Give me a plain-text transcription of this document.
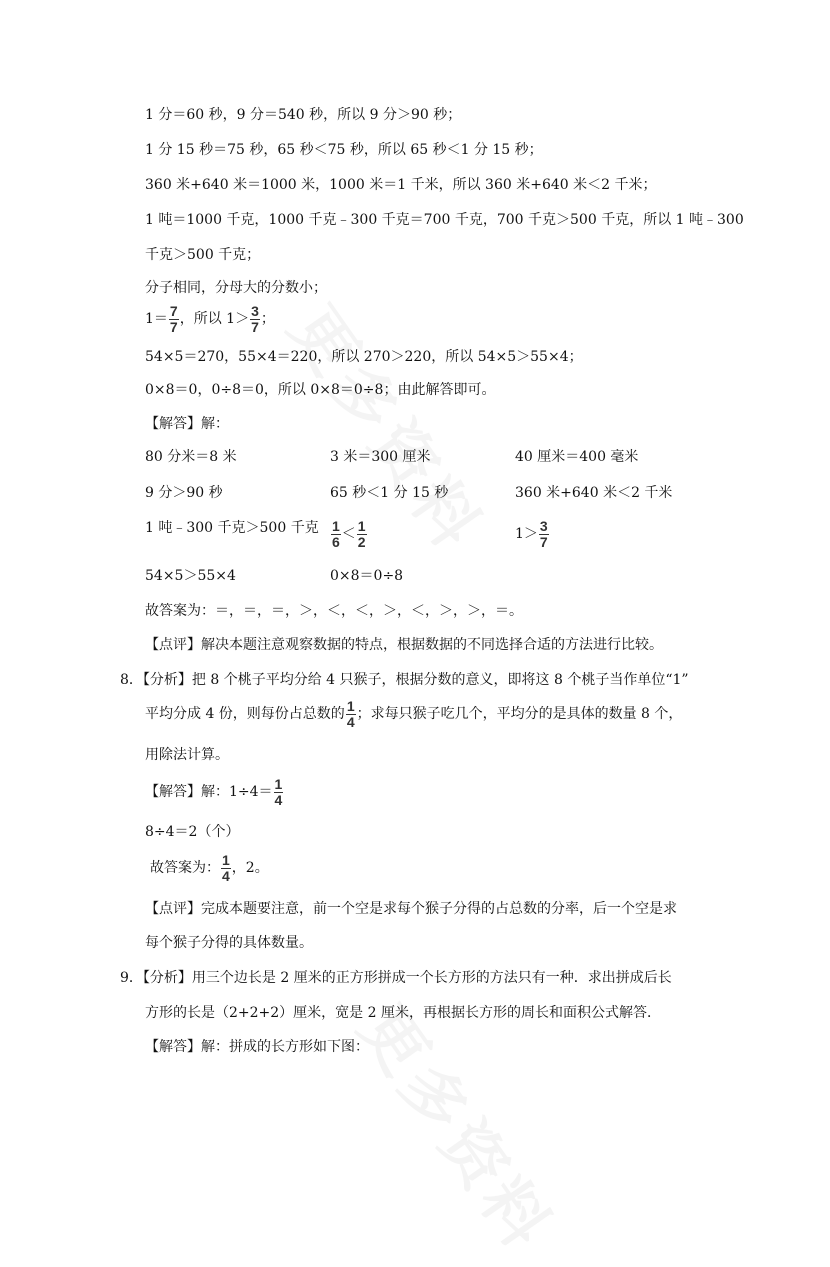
1 分＝60 秒，9 分＝540 秒，所以 9 分＞90 秒；
1 分 15 秒＝75 秒，65 秒＜75 秒，所以 65 秒＜1 分 15 秒；
360 米+640 米＝1000 米，1000 米＝1 千米，所以 360 米+640 米＜2 千米；
1 吨＝1000 千克，1000 千克﹣300 千克＝700 千克，700 千克＞500 千克，所以 1 吨﹣300
千克＞500 千克；
分子相同，分母大的分数小；
$1= \frac{7}{7}$ ，所以 $1> \frac{3}{7}$ ；
54×5＝270，55×4＝220，所以 270＞220，所以 54×5＞55×4；
0×8＝0，0÷8＝0，所以 0×8＝0÷8；由此解答即可。
【解答】解：
80 分米＝8 米	3 米＝300 厘米	40 厘米＝400 毫米
9 分＞90 秒	65 秒＜1 分 15 秒	360 米+640 米＜2 千米
1 吨﹣300 千克＞500 千克 $\frac{1}{6} < \frac{1}{2}$	$1> \frac{3}{7}$
54×5＞55×4	0×8＝0÷8
故答案为：＝，＝，＝，＞，＜，＜，＞，＜，＞，＞，＝。
【点评】解决本题注意观察数据的特点，根据数据的不同选择合适的方法进行比较。
8．【分析】把 8 个桃子平均分给 4 只猴子，根据分数的意义，即将这 8 个桃子当作单位“1”
平均分成 4 份，则每份占总数的 $\frac{1}{4}$ ；求每只猴子吃几个，平均分的是具体的数量 8 个，
用除法计算。
【解答】解：$1\div 4= \frac{1}{4}$
8÷4＝2（个）
故答案为： $\frac{1}{4}$ ，2。
【点评】完成本题要注意，前一个空是求每个猴子分得的占总数的分率，后一个空是求
每个猴子分得的具体数量。
9．【分析】用三个边长是 2 厘米的正方形拼成一个长方形的方法只有一种．求出拼成后长
方形的长是（2+2+2）厘米，宽是 2 厘米，再根据长方形的周长和面积公式解答．
【解答】解：拼成的长方形如下图：
